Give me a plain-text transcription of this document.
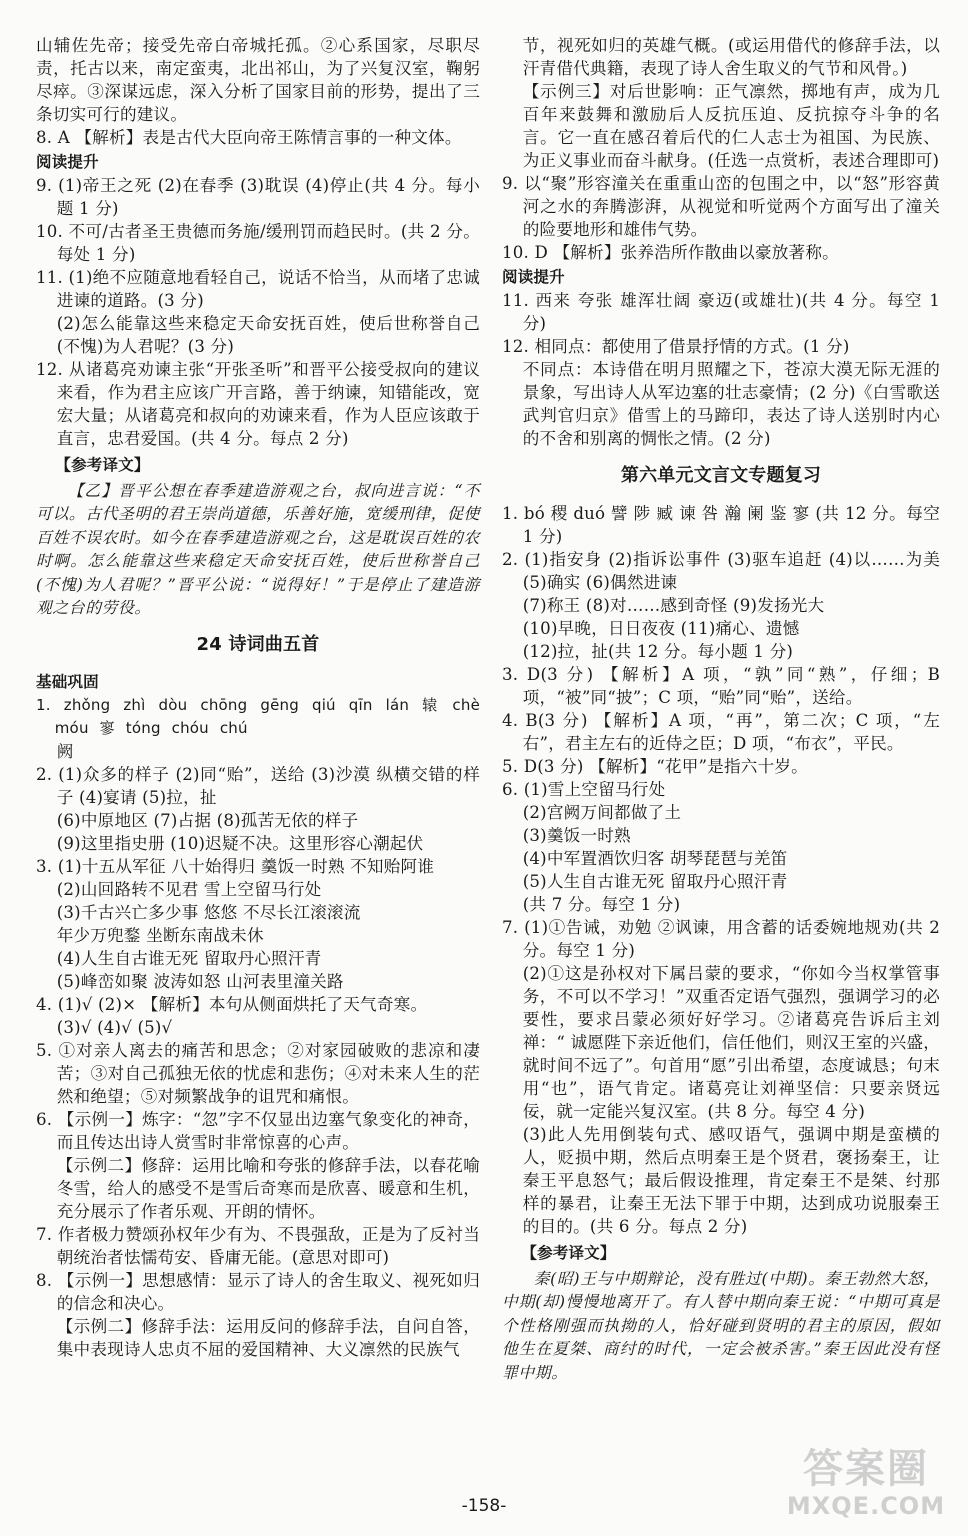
山辅佐先帝；接受先帝白帝城托孤。②心系国家，尽职尽责，托古以来，南定蛮夷，北出祁山，为了兴复汉室，鞠躬尽瘁。③深谋远虑，深入分析了国家目前的形势，提出了三条切实可行的建议。

8. A 【解析】表是古代大臣向帝王陈情言事的一种文体。

阅读提升

9. (1)帝王之死 (2)在春季 (3)耽误 (4)停止(共 4 分。每小题 1 分)

10. 不可/古者圣王贵德而务施/缓刑罚而趋民时。(共 2 分。每处 1 分)

11. (1)绝不应随意地看轻自己，说话不恰当，从而堵了忠诚进谏的道路。(3 分)

(2)怎么能靠这些来稳定天命安抚百姓，使后世称誉自己(不愧)为人君呢？(3 分)

12. 从诸葛亮劝谏主张“开张圣听”和晋平公接受叔向的建议来看，作为君主应该广开言路，善于纳谏，知错能改，宽宏大量；从诸葛亮和叔向的劝谏来看，作为人臣应该敢于直言，忠君爱国。(共 4 分。每点 2 分)

【参考译文】

【乙】晋平公想在春季建造游观之台，叔向进言说：“不可以。古代圣明的君王崇尚道德，乐善好施，宽缓刑律，促使百姓不误农时。如今在春季建造游观之台，这是耽误百姓的农时啊。怎么能靠这些来稳定天命安抚百姓，使后世称誉自己(不愧)为人君呢？”晋平公说：“说得好！”于是停止了建造游观之台的劳役。

24 诗词曲五首
基础巩固

1. zhǒng zhì dòu chōng gēng qiú qīn lán 辕 chè móu 寥 tóng chóu chú

阙

2. (1)众多的样子 (2)同“贻”，送给 (3)沙漠 纵横交错的样子 (4)宴请 (5)拉，扯

(6)中原地区 (7)占据 (8)孤苦无依的样子

(9)这里指史册 (10)迟疑不决。这里形容心潮起伏

3. (1)十五从军征 八十始得归 羹饭一时熟 不知贻阿谁

(2)山回路转不见君 雪上空留马行处

(3)千古兴亡多少事 悠悠 不尽长江滚滚流

年少万兜鍪 坐断东南战未休

(4)人生自古谁无死 留取丹心照汗青

(5)峰峦如聚 波涛如怒 山河表里潼关路

4. (1)√ (2)× 【解析】本句从侧面烘托了天气奇寒。

(3)√ (4)√ (5)√

5. ①对亲人离去的痛苦和思念；②对家园破败的悲凉和凄苦；③对自己孤独无依的忧虑和悲伤；④对未来人生的茫然和绝望；⑤对频繁战争的诅咒和痛恨。

6. 【示例一】炼字：“忽”字不仅显出边塞气象变化的神奇，而且传达出诗人赏雪时非常惊喜的心声。

【示例二】修辞：运用比喻和夸张的修辞手法，以春花喻冬雪，给人的感受不是雪后奇寒而是欣喜、暖意和生机，充分展示了作者乐观、开朗的情怀。

7. 作者极力赞颂孙权年少有为、不畏强敌，正是为了反衬当朝统治者怯懦苟安、昏庸无能。(意思对即可)

8. 【示例一】思想感情：显示了诗人的舍生取义、视死如归的信念和决心。

【示例二】修辞手法：运用反问的修辞手法，自问自答，集中表现诗人忠贞不屈的爱国精神、大义凛然的民族气

节，视死如归的英雄气概。(或运用借代的修辞手法，以汗青借代典籍，表现了诗人舍生取义的气节和风骨。)

【示例三】对后世影响：正气凛然，掷地有声，成为几百年来鼓舞和激励后人反抗压迫、反抗掠夺斗争的名言。它一直在感召着后代的仁人志士为祖国、为民族、为正义事业而奋斗献身。(任选一点赏析，表述合理即可)

9. 以“聚”形容潼关在重重山峦的包围之中，以“怒”形容黄河之水的奔腾澎湃，从视觉和听觉两个方面写出了潼关的险要地形和雄伟气势。

10. D 【解析】张养浩所作散曲以豪放著称。

阅读提升

11. 西来 夸张 雄浑壮阔 豪迈(或雄壮)(共 4 分。每空 1 分)

12. 相同点：都使用了借景抒情的方式。(1 分)

不同点：本诗借在明月照耀之下，苍凉大漠无际无涯的景象，写出诗人从军边塞的壮志豪情；(2 分)《白雪歌送武判官归京》借雪上的马蹄印，表达了诗人送别时内心的不舍和别离的惆怅之情。(2 分)

第六单元文言文专题复习

1. bó 稷 duó 譬 陟 臧 谏 咎 瀚 阑 鉴 寥 (共 12 分。每空 1 分)

2. (1)指安身 (2)指诉讼事件 (3)驱车追赶 (4)以……为美 (5)确实 (6)偶然进谏

(7)称王 (8)对……感到奇怪 (9)发扬光大

(10)早晚，日日夜夜 (11)痛心、遗憾

(12)拉，扯(共 12 分。每小题 1 分)

3. D(3 分) 【解析】A 项，“孰”同“熟”，仔细；B 项，“被”同“披”；C 项，“贻”同“贻”，送给。

4. B(3 分) 【解析】A 项，“再”，第二次；C 项，“左右”，君主左右的近侍之臣；D 项，“布衣”，平民。

5. D(3 分) 【解析】“花甲”是指六十岁。

6. (1)雪上空留马行处

(2)宫阙万间都做了土

(3)羹饭一时熟

(4)中军置酒饮归客 胡琴琵琶与羌笛

(5)人生自古谁无死 留取丹心照汗青

(共 7 分。每空 1 分)

7. (1)①告诫，劝勉 ②讽谏，用含蓄的话委婉地规劝(共 2 分。每空 1 分)

(2)①这是孙权对下属吕蒙的要求，“你如今当权掌管事务，不可以不学习！”双重否定语气强烈，强调学习的必要性，要求吕蒙必须好好学习。②诸葛亮告诉后主刘禅：“ 诚愿陛下亲近他们，信任他们，则汉王室的兴盛，就时间不远了”。句首用“愿”引出希望，态度诚恳；句末用“也”，语气肯定。诸葛亮让刘禅坚信：只要亲贤远佞，就一定能兴复汉室。(共 8 分。每空 4 分)

(3)此人先用倒装句式、感叹语气，强调中期是蛮横的人，贬损中期，然后点明秦王是个贤君，褒扬秦王，让秦王平息怒气；最后假设推理，肯定秦王不是桀、纣那样的暴君，让秦王无法下罪于中期，达到成功说服秦王的目的。(共 6 分。每点 2 分)

【参考译文】

秦(昭)王与中期辩论，没有胜过(中期)。秦王勃然大怒，中期(却)慢慢地离开了。有人替中期向秦王说：“中期可真是个性格刚强而执拗的人，恰好碰到贤明的君主的原因，假如他生在夏桀、商纣的时代，一定会被杀害。”秦王因此没有怪罪中期。

-158-
答案圈
MXQE.COM
